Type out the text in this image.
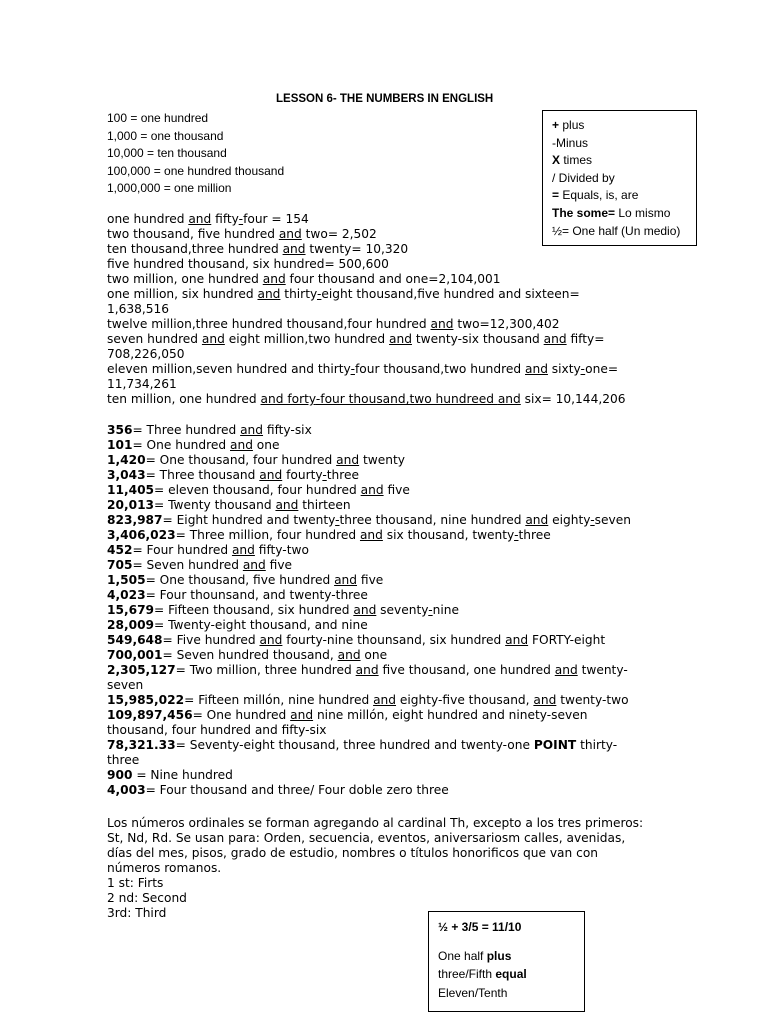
LESSON 6- THE NUMBERS IN ENGLISH
100 = one hundred
1,000 = one thousand
10,000 = ten thousand
100,000 = one hundred thousand
1,000,000 = one million
+ plus
-Minus
X times
/ Divided by
= Equals, is, are
The some= Lo mismo
½= One half (Un medio)
one hundred and fifty-four = 154
two thousand, five hundred and two= 2,502
ten thousand,three hundred and twenty= 10,320
five hundred thousand, six hundred= 500,600
two million, one hundred and four thousand and one=2,104,001
one million, six hundred and thirty-eight thousand,five hundred and sixteen=
1,638,516
twelve million,three hundred thousand,four hundred and two=12,300,402
seven hundred and eight million,two hundred and twenty-six thousand and fifty=
708,226,050
eleven million,seven hundred and thirty-four thousand,two hundred and sixty-one=
11,734,261
ten million, one hundred and forty-four thousand,two hundreed and six= 10,144,206
356= Three hundred and fifty-six
101= One hundred and one
1,420= One thousand, four hundred and twenty
3,043= Three thousand and fourty-three
11,405= eleven thousand, four hundred and five
20,013= Twenty thousand and thirteen
823,987= Eight hundred and twenty-three thousand, nine hundred and eighty-seven
3,406,023= Three million, four hundred and six thousand, twenty-three
452= Four hundred and fifty-two
705= Seven hundred and five
1,505= One thousand, five hundred and five
4,023= Four thounsand, and twenty-three
15,679= Fifteen thousand, six hundred and seventy-nine
28,009= Twenty-eight thousand, and nine
549,648= Five hundred and fourty-nine thounsand, six hundred and FORTY-eight
700,001= Seven hundred thousand, and one
2,305,127= Two million, three hundred and five thousand, one hundred and twenty-
seven
15,985,022= Fifteen millón, nine hundred and eighty-five thousand, and twenty-two
109,897,456= One hundred and nine millón, eight hundred and ninety-seven
thousand, four hundred and fifty-six
78,321.33= Seventy-eight thousand, three hundred and twenty-one POINT thirty-
three
900 = Nine hundred
4,003= Four thousand and three/ Four doble zero three
Los números ordinales se forman agregando al cardinal Th, excepto a los tres primeros:
St, Nd, Rd. Se usan para: Orden, secuencia, eventos, aniversariosm calles, avenidas,
días del mes, pisos, grado de estudio, nombres o títulos honorificos que van con
números romanos.
1 st: Firts
2 nd: Second
3rd: Third
½ + 3/5 = 11/10
One half plus
three/Fifth equal
Eleven/Tenth
